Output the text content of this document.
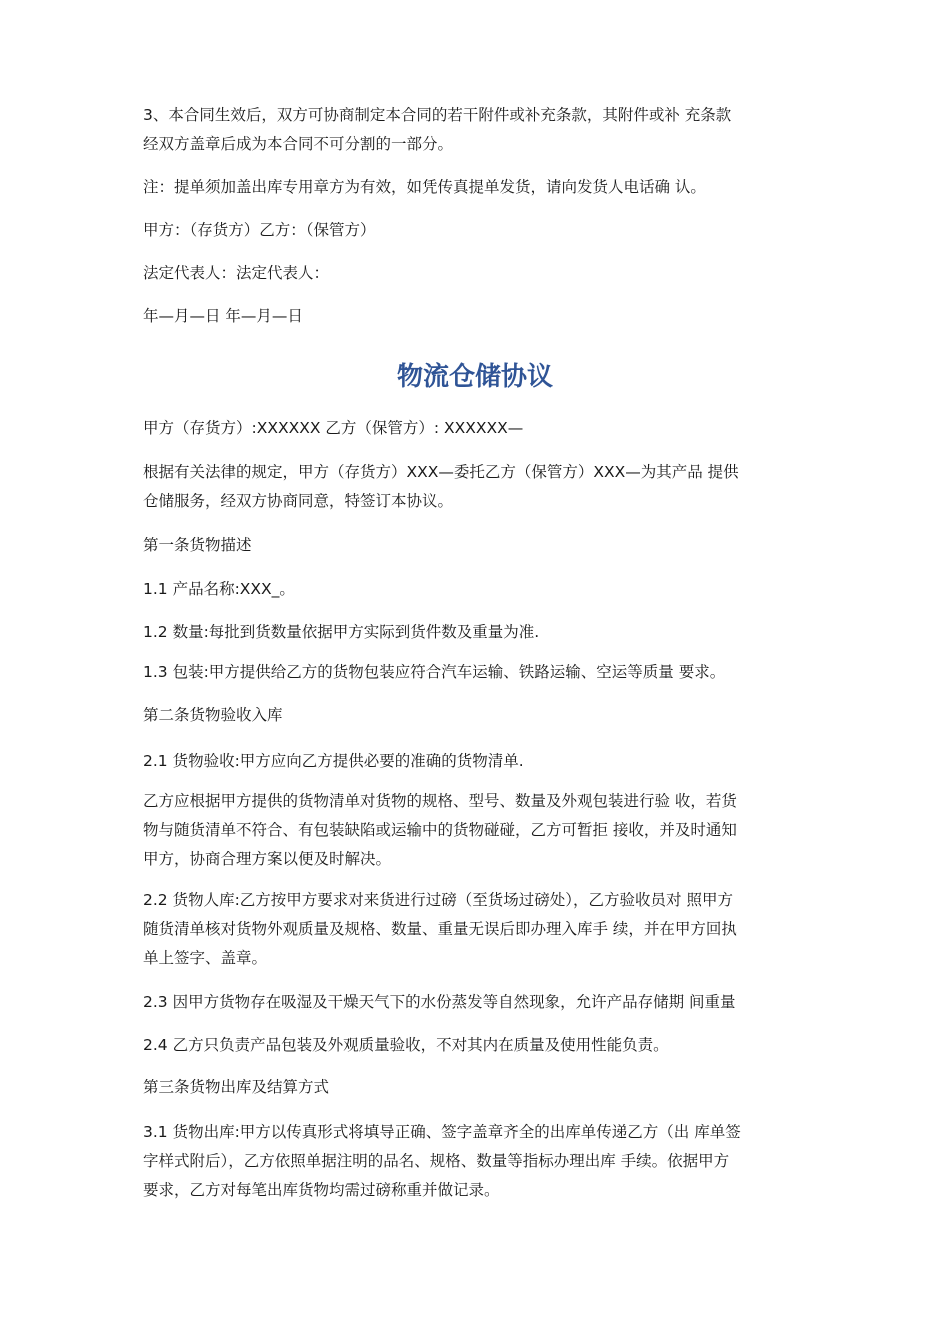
3、本合同生效后，双方可协商制定本合同的若干附件或补充条款，其附件或补 充条款

经双方盖章后成为本合同不可分割的一部分。

注：提单须加盖出库专用章方为有效，如凭传真提单发货，请向发货人电话确 认。

甲方：（存货方）乙方：（保管方）

法定代表人：法定代表人：

年—月—日 年—月—日

物流仓储协议

甲方（存货方）:XXXXXX 乙方（保管方）: XXXXXX—

根据有关法律的规定，甲方（存货方）XXX—委托乙方（保管方）XXX—为其产品 提供

仓储服务，经双方协商同意，特签订本协议。

第一条货物描述

1.1 产品名称:XXX_。

1.2 数量:每批到货数量依据甲方实际到货件数及重量为准.

1.3 包装:甲方提供给乙方的货物包装应符合汽车运输、铁路运输、空运等质量 要求。

第二条货物验收入库

2.1 货物验收:甲方应向乙方提供必要的准确的货物清单.

乙方应根据甲方提供的货物清单对货物的规格、型号、数量及外观包装进行验 收，若货

物与随货清单不符合、有包装缺陷或运输中的货物碰碰，乙方可暂拒 接收，并及时通知

甲方，协商合理方案以便及时解决。

2.2 货物人库:乙方按甲方要求对来货进行过磅（至货场过磅处），乙方验收员对 照甲方

随货清单核对货物外观质量及规格、数量、重量无误后即办理入库手 续，并在甲方回执

单上签字、盖章。

2.3 因甲方货物存在吸湿及干燥天气下的水份蒸发等自然现象，允许产品存储期 间重量

2.4 乙方只负责产品包装及外观质量验收，不对其内在质量及使用性能负责。

第三条货物出库及结算方式

3.1 货物出库:甲方以传真形式将填导正确、签字盖章齐全的出库单传递乙方（出 库单签

字样式附后），乙方依照单据注明的品名、规格、数量等指标办理出库 手续。依据甲方

要求，乙方对每笔出库货物均需过磅称重并做记录。
